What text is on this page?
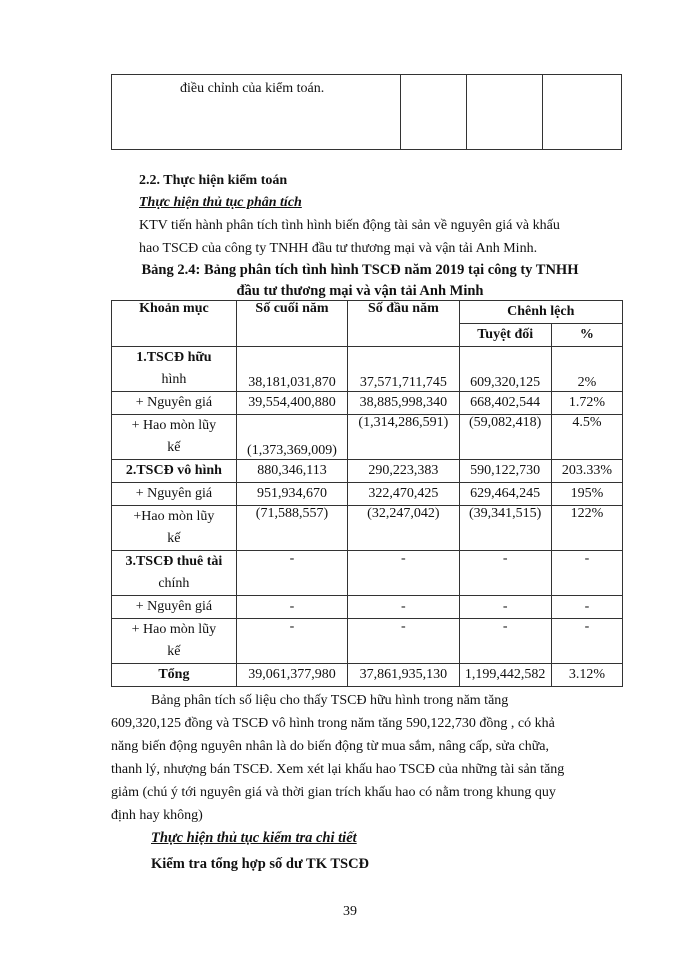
điều chỉnh của kiểm toán.

2.2. Thực hiện kiểm toán
Thực hiện thủ tục phân tích
KTV tiến hành phân tích tình hình biến động tài sản về nguyên giá và khấu
hao TSCĐ của công ty TNHH đầu tư thương mại và vận tải Anh Minh.
Bảng 2.4: Bảng phân tích tình hình TSCĐ năm 2019 tại công ty TNHH
đầu tư thương mại và vận tải Anh Minh
Khoản mục	Số cuối năm	Số đầu năm	Chênh lệch	
			Tuyệt đối	%

1.TSCĐ hữu
hình	38,181,031,870	37,571,711,745	609,320,125	2%
+ Nguyên giá	39,554,400,880	38,885,998,340	668,402,544	1.72%

+ Hao mòn lũy
kế	(1,373,369,009)	(1,314,286,591)	(59,082,418)	4.5%
2.TSCĐ vô hình	880,346,113	290,223,383	590,122,730	203.33%
+ Nguyên giá	951,934,670	322,470,425	629,464,245	195%

+Hao mòn lũy
kế	(71,588,557)	(32,247,042)	(39,341,515)	122%

3.TSCĐ thuê tài
chính	-	-	-	-
+ Nguyên giá	-	-	-	-

+ Hao mòn lũy
kế	-	-	-	-
Tổng	39,061,377,980	37,861,935,130	1,199,442,582	3.12%
Bảng phân tích số liệu cho thấy TSCĐ hữu hình trong năm tăng
609,320,125 đồng và TSCĐ vô hình trong năm tăng 590,122,730 đồng , có khả
năng biến động nguyên nhân là do biến động từ mua sắm, nâng cấp, sửa chữa,
thanh lý, nhượng bán TSCĐ. Xem xét lại khấu hao TSCĐ của những tài sản tăng
giảm (chú ý tới nguyên giá và thời gian trích khấu hao có nằm trong khung quy
định hay không)
Thực hiện thủ tục kiểm tra chi tiết
Kiểm tra tổng hợp số dư TK TSCĐ
39
